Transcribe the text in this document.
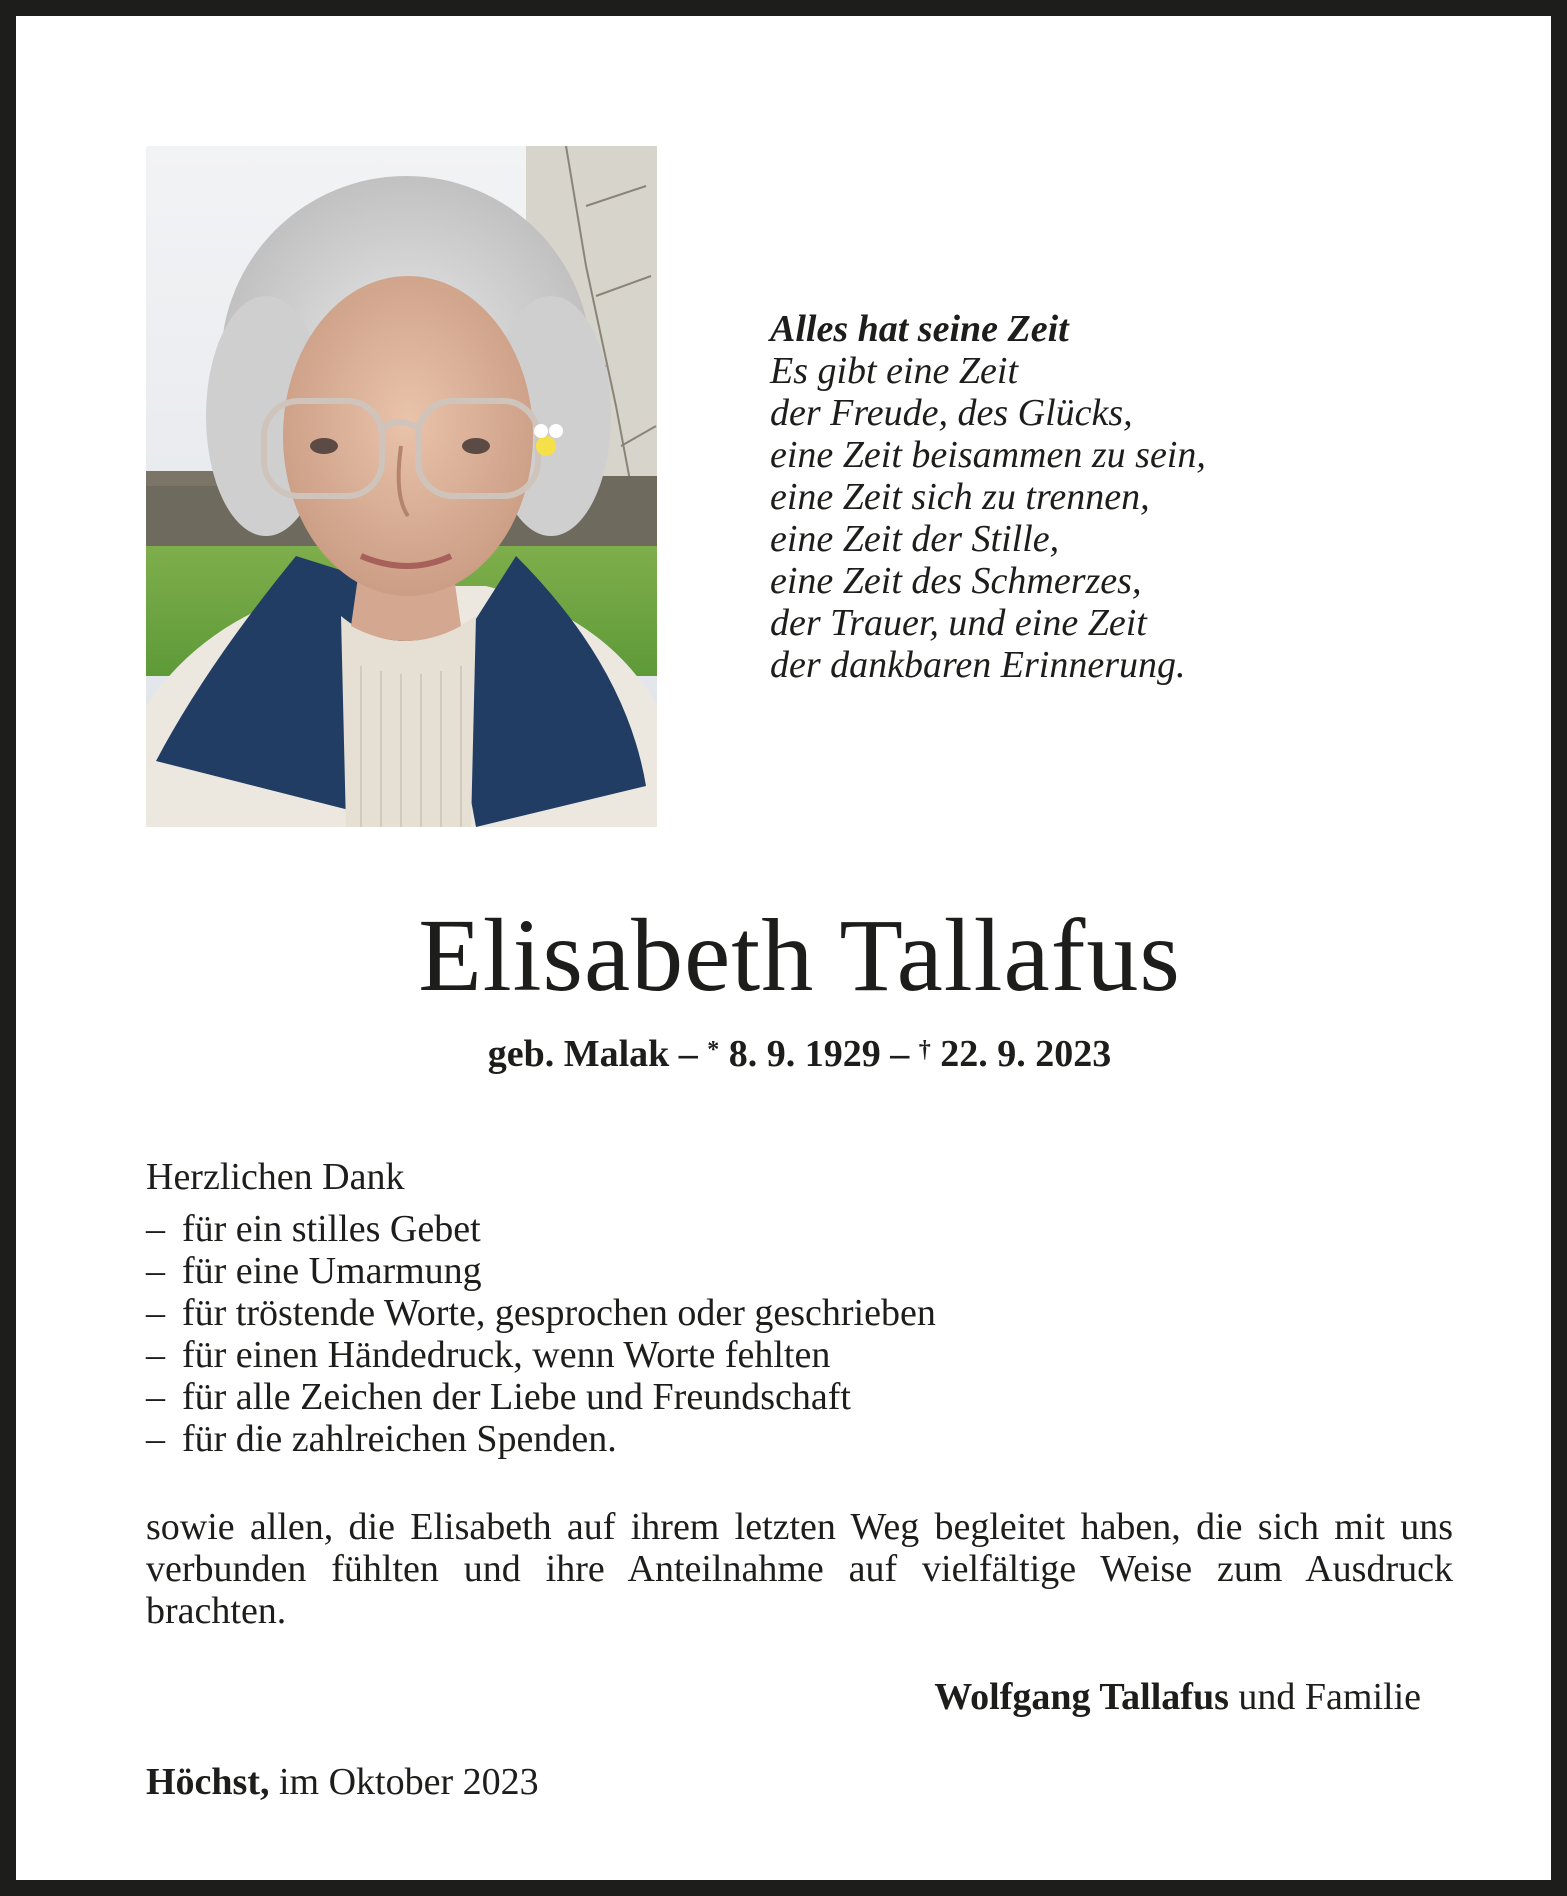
Alles hat seine Zeit
Es gibt eine Zeit
der Freude, des Glücks,
eine Zeit beisammen zu sein,
eine Zeit sich zu trennen,
eine Zeit der Stille,
eine Zeit des Schmerzes,
der Trauer, und eine Zeit
der dankbaren Erinnerung.
Elisabeth Tallafus
geb. Malak – * 8. 9. 1929 – † 22. 9. 2023
Herzlichen Dank
– für ein stilles Gebet
– für eine Umarmung
– für tröstende Worte, gesprochen oder geschrieben
– für einen Händedruck, wenn Worte fehlten
– für alle Zeichen der Liebe und Freundschaft
– für die zahlreichen Spenden.
sowie allen, die Elisabeth auf ihrem letzten Weg begleitet haben, die sich mit uns verbunden fühlten und ihre Anteilnahme auf vielfältige Weise zum Ausdruck brachten.
Wolfgang Tallafus und Familie
Höchst, im Oktober 2023
